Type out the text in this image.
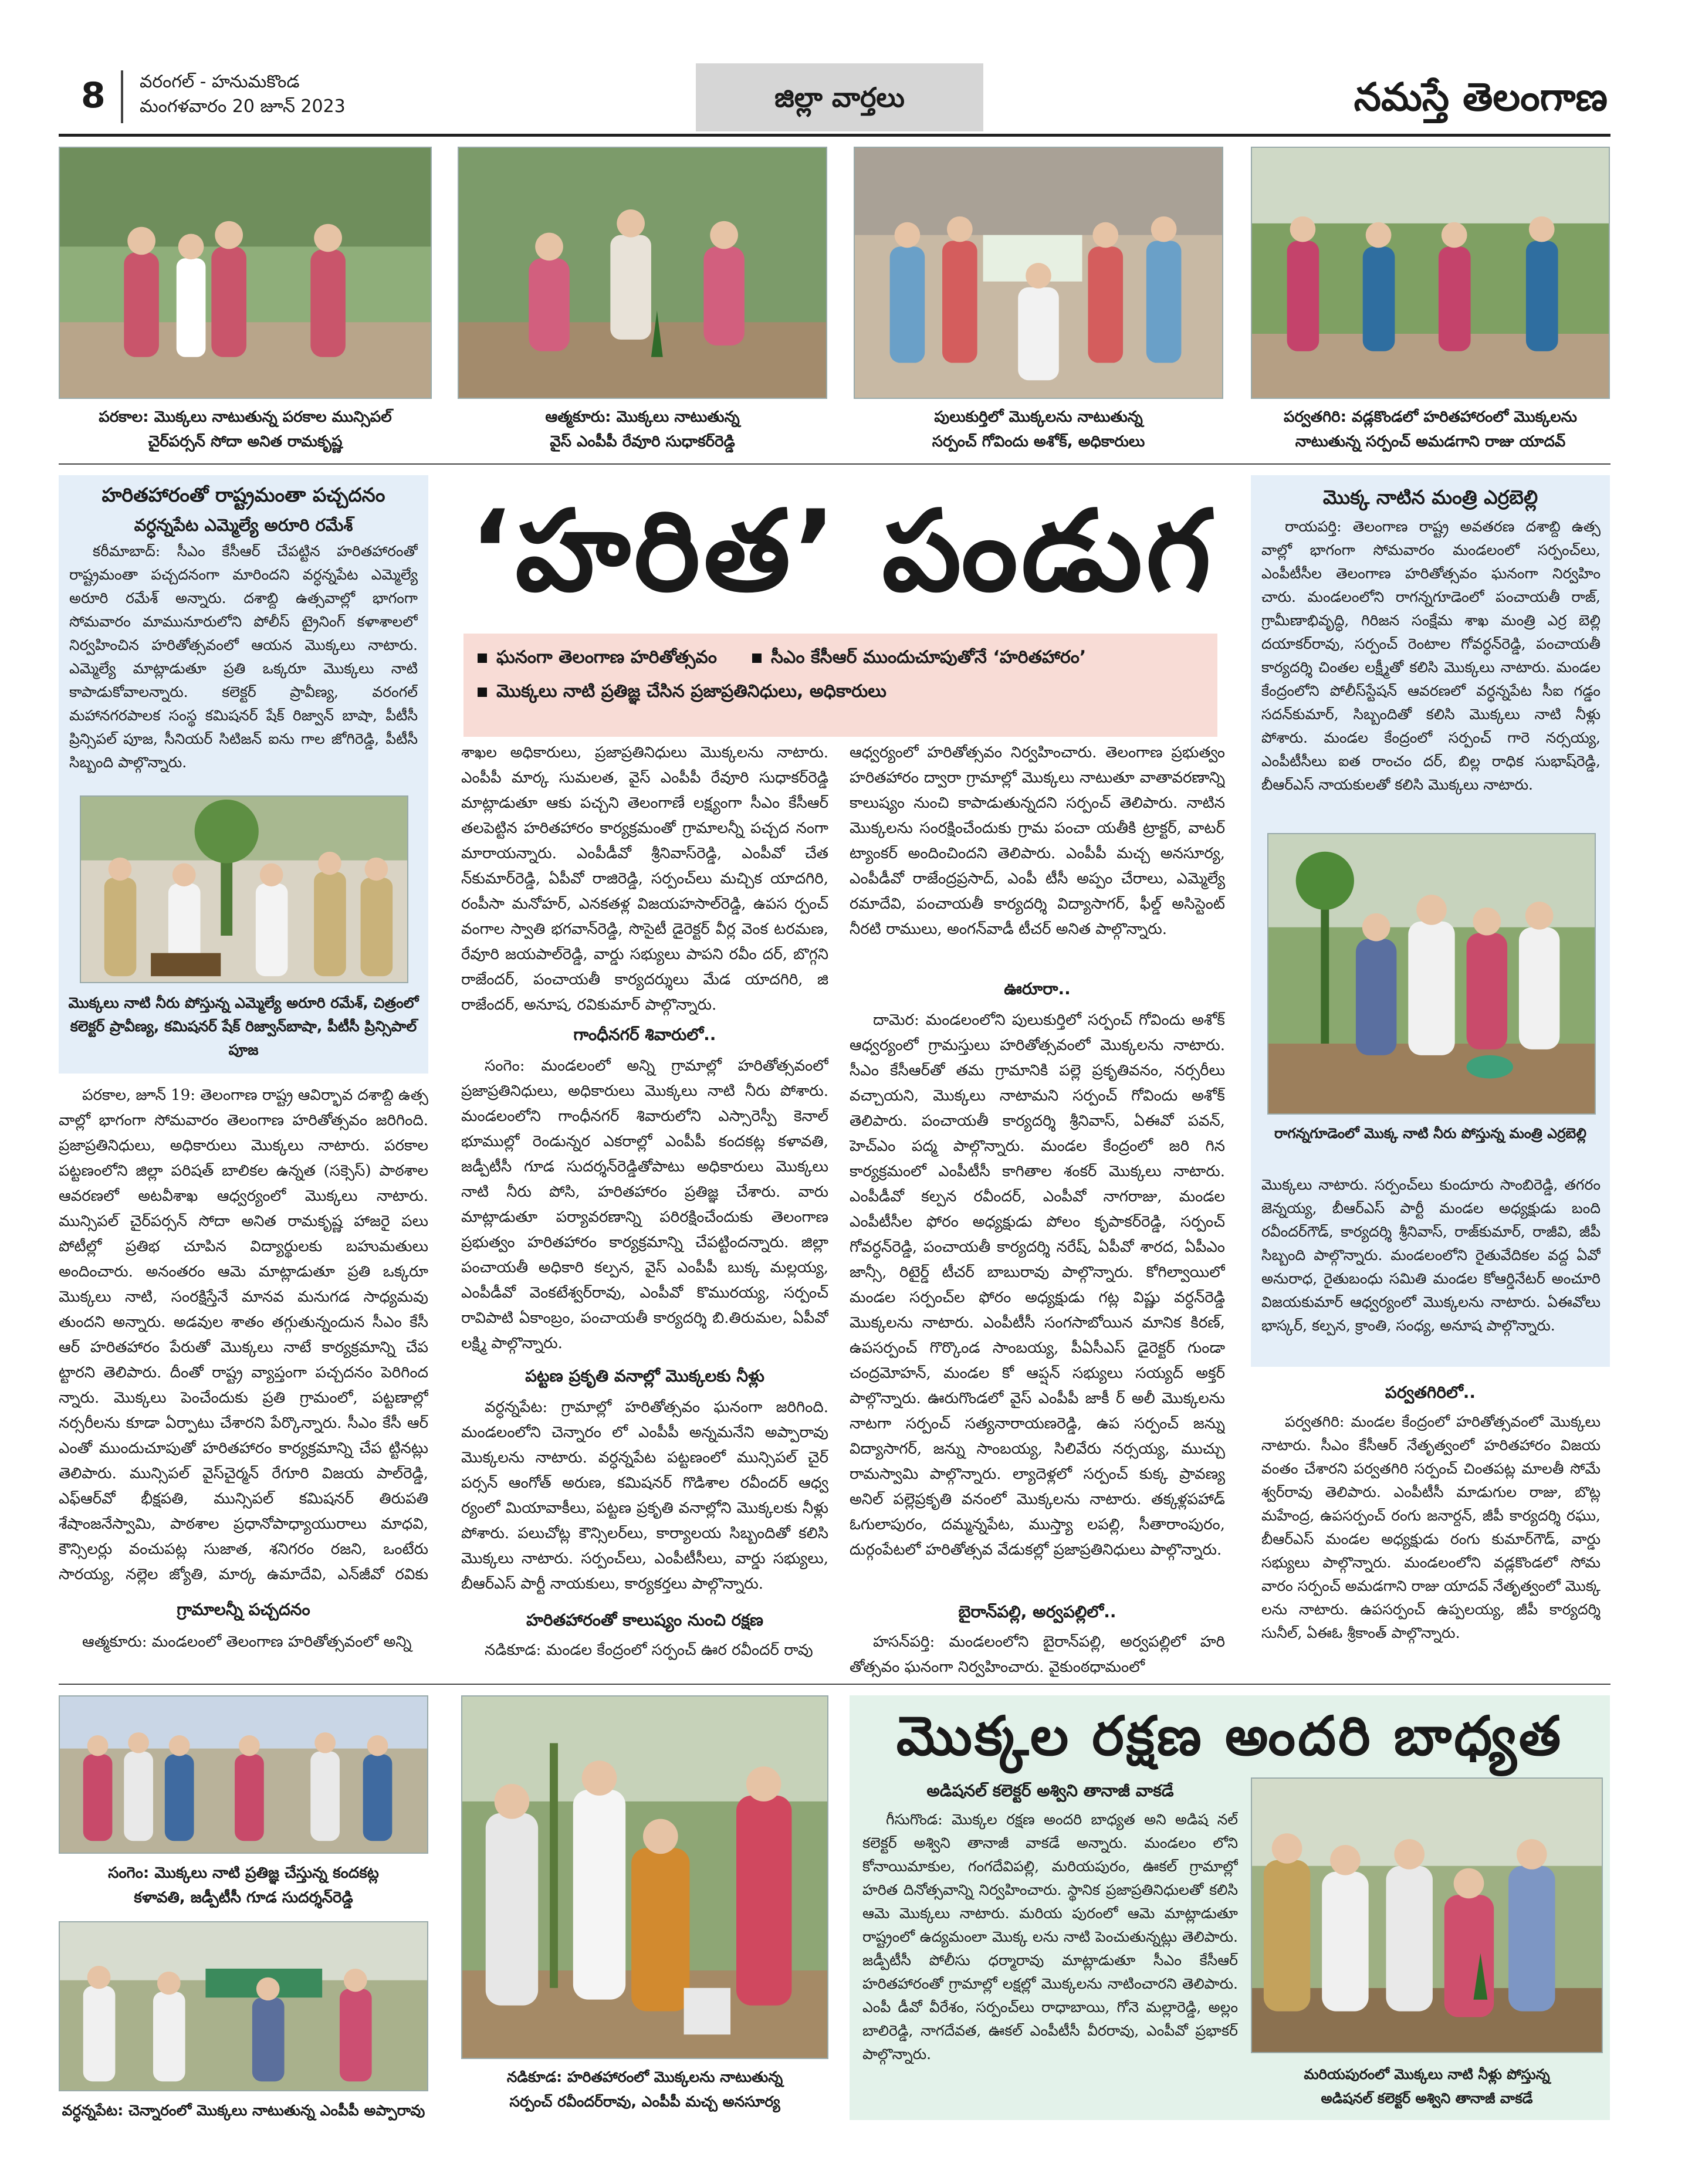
8	వరంగల్ - హనుమకొండ
మంగళవారం 20 జూన్ 2023	జిల్లా వార్తలు	నమస్తే తెలంగాణ
పరకాల: మొక్కలు నాటుతున్న పరకాల మున్సిపల్
చైర్‌పర్సన్ సోదా అనిత రామకృష్ణ
ఆత్మకూరు: మొక్కలు నాటుతున్న
వైస్ ఎంపీపీ రేవూరి సుధాకర్‌రెడ్డి
పులుకుర్తిలో మొక్కలను నాటుతున్న
సర్పంచ్ గోవిందు అశోక్, అధికారులు
పర్వతగిరి: వడ్లకొండలో హరితహారంలో మొక్కలను
నాటుతున్న సర్పంచ్ అమడగాని రాజు యాదవ్
హరితహారంతో రాష్ట్రమంతా పచ్చదనం
వర్ధన్నపేట ఎమ్మెల్యే అరూరి రమేశ్

కరీమాబాద్: సీఎం కేసీఆర్ చేపట్టిన హరితహారంతో రాష్ట్రమంతా పచ్చదనంగా మారిందని వర్ధన్నపేట ఎమ్మెల్యే అరూరి రమేశ్ అన్నారు. దశాబ్ది ఉత్సవాల్లో భాగంగా సోమవారం మామునూరులోని పోలీస్ ట్రైనింగ్ కళాశాలలో నిర్వహించిన హరితోత్సవంలో ఆయన మొక్కలు నాటారు. ఎమ్మెల్యే మాట్లాడుతూ ప్రతి ఒక్కరూ మొక్కలు నాటి కాపాడుకోవాలన్నారు. కలెక్టర్ ప్రావీణ్య, వరంగల్ మహానగరపాలక సంస్థ కమిషనర్ షేక్ రిజ్వాన్ బాషా, పీటీసీ ప్రిన్సిపల్ పూజ, సీనియర్ సిటిజన్ ఐను గాల జోగిరెడ్డి, పీటీసీ సిబ్బంది పాల్గొన్నారు.

మొక్కలు నాటి నీరు పోస్తున్న ఎమ్మెల్యే అరూరి రమేశ్, చిత్రంలో కలెక్టర్ ప్రావీణ్య, కమిషనర్ షేక్ రిజ్వాన్‌బాషా, పీటీసీ ప్రిన్సిపాల్ పూజ
‘హరిత’ పండుగ
ఘనంగా తెలంగాణ హరితోత్సవం	సీఎం కేసీఆర్ ముందుచూపుతోనే ‘హరితహారం’
మొక్కలు నాటి ప్రతిజ్ఞ చేసిన ప్రజాప్రతినిధులు, అధికారులు
మొక్క నాటిన మంత్రి ఎర్రబెల్లి

రాయపర్తి: తెలంగాణ రాష్ట్ర అవతరణ దశాబ్ది ఉత్స వాల్లో భాగంగా సోమవారం మండలంలో సర్పంచ్‌లు, ఎంపీటీసీల తెలంగాణ హరితోత్సవం ఘనంగా నిర్వహిం చారు. మండలంలోని రాగన్నగూడెంలో పంచాయతీ రాజ్, గ్రామీణాభివృద్ధి, గిరిజన సంక్షేమ శాఖ మంత్రి ఎర్ర బెల్లి దయాకర్‌రావు, సర్పంచ్ రెంటాల గోవర్ధన్‌రెడ్డి, పంచాయతీ కార్యదర్శి చింతల లక్ష్మీతో కలిసి మొక్కలు నాటారు. మండల కేంద్రంలోని పోలీస్‌స్టేషన్ ఆవరణలో వర్ధన్నపేట సీఐ గడ్డం సదన్‌కుమార్, సిబ్బందితో కలిసి మొక్కలు నాటి నీళ్లు పోశారు. మండల కేంద్రంలో సర్పంచ్ గారె నర్సయ్య, ఎంపీటీసీలు ఐత రాంచం దర్, బిల్ల రాధిక సుభాష్‌రెడ్డి, బీఆర్ఎస్ నాయకులతో కలిసి మొక్కలు నాటారు.

రాగన్నగూడెంలో మొక్క నాటి నీరు పోస్తున్న మంత్రి ఎర్రబెల్లి

మొక్కలు నాటారు. సర్పంచ్‌లు కుందూరు సాంబిరెడ్డి, తగరం జెన్నయ్య, బీఆర్ఎస్ పార్టీ మండల అధ్యక్షుడు బంది రవీందర్‌గౌడ్, కార్యదర్శి శ్రీనివాస్, రాజ్‌కుమార్, రాజీవి, జీపీ సిబ్బంది పాల్గొన్నారు. మండలంలోని రైతువేదికల వద్ద ఏవో అనురాధ, రైతుబంధు సమితి మండల కోఆర్డినేటర్ అంచూరి విజయకుమార్ ఆధ్వర్యంలో మొక్కలను నాటారు. ఏఈవోలు భాస్కర్, కల్పన, క్రాంతి, సంధ్య, అనూష పాల్గొన్నారు.

పర్వతగిరిలో..

పర్వతగిరి: మండల కేంద్రంలో హరితోత్సవంలో మొక్కలు నాటారు. సీఎం కేసీఆర్ నేతృత్వంలో హరితహారం విజయ వంతం చేశారని పర్వతగిరి సర్పంచ్ చింతపట్ల మాలతీ సోమే శ్వర్‌రావు తెలిపారు. ఎంపీటీసీ మాడుగుల రాజు, బొట్ల మహేంద్ర, ఉపసర్పంచ్ రంగు జనార్దన్, జీపీ కార్యదర్శి రఘు, బీఆర్ఎస్ మండల అధ్యక్షుడు రంగు కుమార్‌గౌడ్, వార్డు సభ్యులు పాల్గొన్నారు. మండలంలోని వడ్లకొండలో సోమ వారం సర్పంచ్ అమడగాని రాజు యాదవ్ నేతృత్వంలో మొక్క లను నాటారు. ఉపసర్పంచ్ ఉప్పలయ్య, జీపీ కార్యదర్శి సునీల్, ఏఈఓ శ్రీకాంత్ పాల్గొన్నారు.

పరకాల, జూన్ 19: తెలంగాణ రాష్ట్ర ఆవిర్భావ దశాబ్ది ఉత్స వాల్లో భాగంగా సోమవారం తెలంగాణ హరితోత్సవం జరిగింది. ప్రజాప్రతినిధులు, అధికారులు మొక్కలు నాటారు. పరకాల పట్టణంలోని జిల్లా పరిషత్ బాలికల ఉన్నత (సక్సెస్) పాఠశాల ఆవరణలో అటవీశాఖ ఆధ్వర్యంలో మొక్కలు నాటారు. మున్సిపల్ చైర్‌పర్సన్ సోదా అనిత రామకృష్ణ హాజరై పలు పోటీల్లో ప్రతిభ చూపిన విద్యార్థులకు బహుమతులు అందించారు. అనంతరం ఆమె మాట్లాడుతూ ప్రతి ఒక్కరూ మొక్కలు నాటి, సంరక్షిస్తేనే మానవ మనుగడ సాధ్యమవు తుందని అన్నారు. అడవుల శాతం తగ్గుతున్నందున సీఎం కేసీ ఆర్ హరితహారం పేరుతో మొక్కలు నాటే కార్యక్రమాన్ని చేప ట్టారని తెలిపారు. దీంతో రాష్ట్ర వ్యాప్తంగా పచ్చదనం పెరిగింద న్నారు. మొక్కలు పెంచేందుకు ప్రతి గ్రామంలో, పట్టణాల్లో నర్సరీలను కూడా ఏర్పాటు చేశారని పేర్కొన్నారు. సీఎం కేసీ ఆర్ ఎంతో ముందుచూపుతో హరితహారం కార్యక్రమాన్ని చేప ట్టినట్లు తెలిపారు. మున్సిపల్ వైస్‌చైర్మన్ రేగూరి విజయ పాల్‌రెడ్డి, ఎఫ్ఆర్‌వో భీక్షపతి, మున్సిపల్ కమిషనర్ తిరుపతి శేషాంజనేస్వామి, పాఠశాల ప్రధానోపాధ్యాయురాలు మాధవి, కౌన్సిలర్లు వంచుపట్ల సుజాత, శనిగరం రజని, ఒంటేరు సారయ్య, నల్లెల జ్యోతి, మార్క ఉమాదేవి, ఎన్‌జీవో రవికు

గ్రామాలన్నీ పచ్చదనం

ఆత్మకూరు: మండలంలో తెలంగాణ హరితోత్సవంలో అన్ని

శాఖల అధికారులు, ప్రజాప్రతినిధులు మొక్కలను నాటారు. ఎంపీపీ మార్క సుమలత, వైస్ ఎంపీపీ రేవూరి సుధాకర్‌రెడ్డి మాట్లాడుతూ ఆకు పచ్చని తెలంగాణే లక్ష్యంగా సీఎం కేసీఆర్ తలపెట్టిన హరితహారం కార్యక్రమంతో గ్రామాలన్నీ పచ్చద నంగా మారాయన్నారు. ఎంపీడీవో శ్రీనివాస్‌రెడ్డి, ఎంపీవో చేత న్‌కుమార్‌రెడ్డి, ఏపీవో రాజిరెడ్డి, సర్పంచ్‌లు మచ్చిక యాదగిరి, రంపీసా మనోహర్, ఎనకతళ్ల విజయహసాల్‌రెడ్డి, ఉపస ర్పంచ్ వంగాల స్వాతి భగవాన్‌రెడ్డి, సొసైటీ డైరెక్టర్ వీర్ల వెంక టరమణ, రేవూరి జయపాల్‌రెడ్డి, వార్డు సభ్యులు పాపని రవీం దర్, బొగ్గని రాజేందర్, పంచాయతీ కార్యదర్శులు మేడ యాదగిరి, జి రాజేందర్, అనూష, రవికుమార్ పాల్గొన్నారు.

గాంధీనగర్ శివారులో..

సంగెం: మండలంలో అన్ని గ్రామాల్లో హరితోత్సవంలో ప్రజాప్రతినిధులు, అధికారులు మొక్కలు నాటి నీరు పోశారు. మండలంలోని గాంధీనగర్ శివారులోని ఎస్సారెస్పీ కెనాల్ భూముల్లో రెండున్నర ఎకరాల్లో ఎంపీపీ కందకట్ల కళావతి, జడ్పీటీసీ గూడ సుదర్శన్‌రెడ్డితోపాటు అధికారులు మొక్కలు నాటి నీరు పోసి, హరితహారం ప్రతిజ్ఞ చేశారు. వారు మాట్లాడుతూ పర్యావరణాన్ని పరిరక్షించేందుకు తెలంగాణ ప్రభుత్వం హరితహారం కార్యక్రమాన్ని చేపట్టిందన్నారు. జిల్లా పంచాయతీ అధికారి కల్పన, వైస్ ఎంపీపీ బుక్క మల్లయ్య, ఎంపీడీవో వెంకటేశ్వర్‌రావు, ఎంపీవో కొమురయ్య, సర్పంచ్ రావిపాటి ఏకాంబ్రం, పంచాయతీ కార్యదర్శి బి.తిరుమల, ఏపీవో లక్ష్మి పాల్గొన్నారు.

పట్టణ ప్రకృతి వనాల్లో మొక్కలకు నీళ్లు

వర్ధన్నపేట: గ్రామాల్లో హరితోత్సవం ఘనంగా జరిగింది. మండలంలోని చెన్నారం లో ఎంపీపీ అన్నమనేని అప్పారావు మొక్కలను నాటారు. వర్ధన్నపేట పట్టణంలో మున్సిపల్ చైర్‌ పర్సన్ ఆంగోత్ అరుణ, కమిషనర్ గొడిశాల రవీందర్ ఆధ్వ ర్యంలో మియావాకీలు, పట్టణ ప్రకృతి వనాల్లోని మొక్కలకు నీళ్లు పోశారు. పలుచోట్ల కౌన్సిలర్‌లు, కార్యాలయ సిబ్బందితో కలిసి మొక్కలు నాటారు. సర్పంచ్‌లు, ఎంపీటీసీలు, వార్డు సభ్యులు, బీఆర్ఎస్ పార్టీ నాయకులు, కార్యకర్తలు పాల్గొన్నారు.

హరితహారంతో కాలుష్యం నుంచి రక్షణ

నడికూడ: మండల కేంద్రంలో సర్పంచ్ ఊర రవీందర్ రావు

ఆధ్వర్యంలో హరితోత్సవం నిర్వహించారు. తెలంగాణ ప్రభుత్వం హరితహారం ద్వారా గ్రామాల్లో మొక్కలు నాటుతూ వాతావరణాన్ని కాలుష్యం నుంచి కాపాడుతున్నదని సర్పంచ్ తెలిపారు. నాటిన మొక్కలను సంరక్షించేందుకు గ్రామ పంచా యతీకి ట్రాక్టర్, వాటర్ ట్యాంకర్ అందించిందని తెలిపారు. ఎంపీపీ మచ్చ అనసూర్య, ఎంపీడీవో రాజేంద్రప్రసాద్, ఎంపీ టీసీ అప్పం చేరాలు, ఎమ్మెల్యే రమాదేవి, పంచాయతీ కార్యదర్శి విద్యాసాగర్, ఫీల్డ్ అసిస్టెంట్ నీరటి రాములు, అంగన్‌వాడీ టీచర్ అనిత పాల్గొన్నారు.

ఊరూరా..

దామెర: మండలంలోని పులుకుర్తిలో సర్పంచ్ గోవిందు అశోక్ ఆధ్వర్యంలో గ్రామస్తులు హరితోత్సవంలో మొక్కలను నాటారు. సీఎం కేసీఆర్‌తో తమ గ్రామానికి పల్లె ప్రకృతివనం, నర్సరీలు వచ్చాయని, మొక్కలు నాటామని సర్పంచ్ గోవిందు అశోక్ తెలిపారు. పంచాయతీ కార్యదర్శి శ్రీనివాస్, ఏఈవో పవన్, హెచ్ఎం పద్మ పాల్గొన్నారు. మండల కేంద్రంలో జరి గిన కార్యక్రమంలో ఎంపీటీసీ కాగితాల శంకర్ మొక్కలు నాటారు. ఎంపీడీవో కల్పన రవీందర్, ఎంపీవో నాగరాజు, మండల ఎంపీటీసీల ఫోరం అధ్యక్షుడు పోలం కృపాకర్‌రెడ్డి, సర్పంచ్ గోవర్ధన్‌రెడ్డి, పంచాయతీ కార్యదర్శి నరేష్, ఏపీవో శారద, ఏపీఎం జాన్సీ, రిటైర్డ్ టీచర్ బాబురావు పాల్గొన్నారు. కోగిల్వాయిలో మండల సర్పంచ్‌ల ఫోరం అధ్యక్షుడు గట్ల విష్ణు వర్ధన్‌రెడ్డి మొక్కలను నాటారు. ఎంపీటీసీ సంగసాబోయిన మానిక కిరణ్, ఉపసర్పంచ్ గొర్కొండ సాంబయ్య, పీఏసీఎస్ డైరెక్టర్ గుండా చంద్రమోహన్, మండల కో ఆప్షన్ సభ్యులు సయ్యద్ అక్తర్ పాల్గొన్నారు. ఊరుగొండలో వైస్ ఎంపీపీ జాకీ ర్ అలీ మొక్కలను నాటగా సర్పంచ్ సత్యనారాయణరెడ్డి, ఉప సర్పంచ్ జన్ను విద్యాసాగర్, జన్ను సాంబయ్య, సిలివేరు నర్సయ్య, ముచ్చు రామస్వామి పాల్గొన్నారు. ల్యాదెళ్లలో సర్పంచ్ కుక్క ప్రావణ్య అనిల్ పల్లెప్రకృతి వనంలో మొక్కలను నాటారు. తక్కళ్లపహాడ్ ఓగులాపురం, దమ్మన్నపేట, ముస్త్యా లపల్లి, సీతారాంపురం, దుర్గంపేటలో హరితోత్సవ వేడుకల్లో ప్రజాప్రతినిధులు పాల్గొన్నారు.

బైరాన్‌పల్లి, అర్వపల్లిలో..

హసన్‌పర్తి: మండలంలోని బైరాన్‌పల్లి, అర్వపల్లిలో హరి తోత్సవం ఘనంగా నిర్వహించారు. వైకుంఠధామంలో

సంగెం: మొక్కలు నాటి ప్రతిజ్ఞ చేస్తున్న కందకట్ల
కళావతి, జడ్పీటీసీ గూడ సుదర్శన్‌రెడ్డి
వర్ధన్నపేట: చెన్నారంలో మొక్కలు నాటుతున్న ఎంపీపీ అప్పారావు
నడికూడ: హరితహారంలో మొక్కలను నాటుతున్న
సర్పంచ్ రవీందర్‌రావు, ఎంపీపీ మచ్చ అనసూర్య
మొక్కల రక్షణ అందరి బాధ్యత
అడిషనల్ కలెక్టర్ అశ్విని తానాజీ వాకడే

గీసుగొండ: మొక్కల రక్షణ అందరి బాధ్యత అని అడిష నల్ కలెక్టర్ అశ్విని తానాజీ వాకడే అన్నారు. మండలం లోని కోనాయిమాకుల, గంగదేవిపల్లి, మరియపురం, ఊకల్ గ్రామాల్లో హరిత దినోత్సవాన్ని నిర్వహించారు. స్థానిక ప్రజాప్రతినిధులతో కలిసి ఆమె మొక్కలు నాటారు. మరియ పురంలో ఆమె మాట్లాడుతూ రాష్ట్రంలో ఉద్యమంలా మొక్క లను నాటి పెంచుతున్నట్లు తెలిపారు. జడ్పీటీసీ పోలీసు ధర్మారావు మాట్లాడుతూ సీఎం కేసీఆర్ హరితహారంతో గ్రామాల్లో లక్షల్లో మొక్కలను నాటించారని తెలిపారు. ఎంపీ డీవో వీరేశం, సర్పంచ్‌లు రాధాబాయి, గోనె మల్లారెడ్డి, అల్లం బాలిరెడ్డి, నాగదేవత, ఊకల్ ఎంపీటీసీ వీరరావు, ఎంపీవో ప్రభాకర్ పాల్గొన్నారు.

మరియపురంలో మొక్కలు నాటి నీళ్లు పోస్తున్న
అడిషనల్ కలెక్టర్ అశ్విని తానాజీ వాకడే
